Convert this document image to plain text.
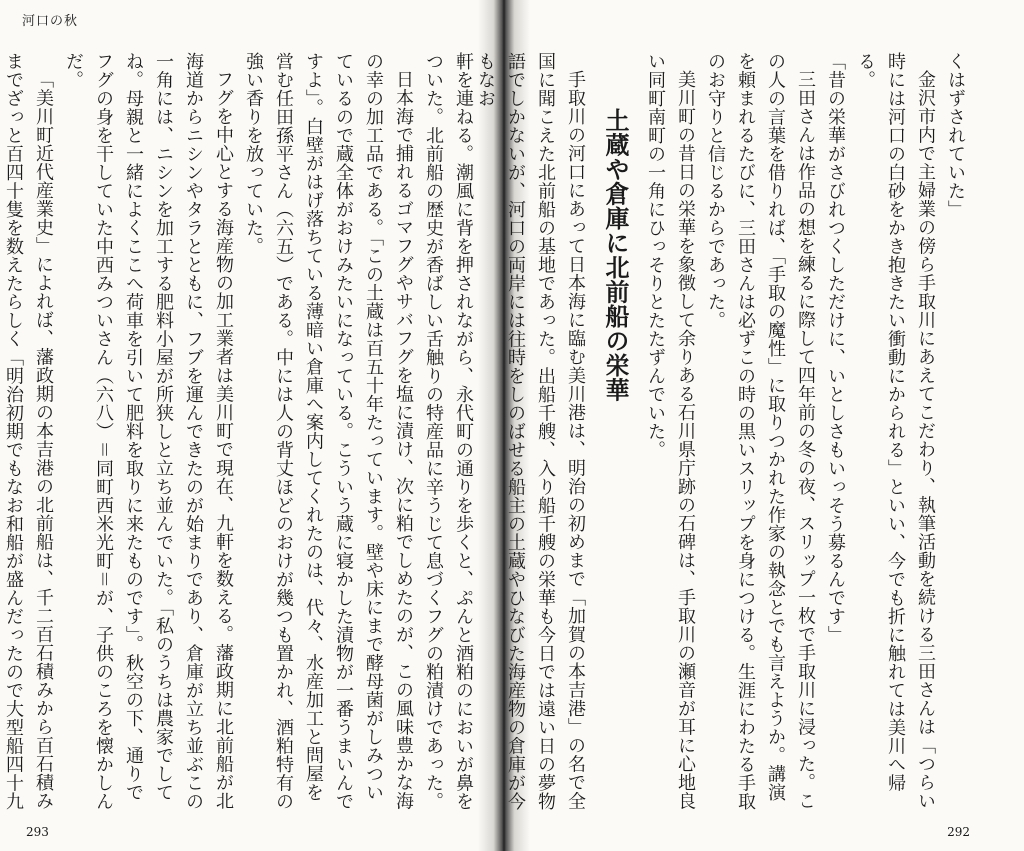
河口の秋

くはずされていた」

金沢市内で主婦業の傍ら手取川にあえてこだわり、執筆活動を続ける三田さんは「つらい時には河口の白砂をかき抱きたい衝動にかられる」といい、今でも折に触れては美川へ帰る。

「昔の栄華がさびれつくしただけに、いとしさもいっそう募るんです」

三田さんは作品の想を練るに際して四年前の冬の夜、スリップ一枚で手取川に浸った。この人の言葉を借りれば、「手取の魔性」に取りつかれた作家の執念とでも言えようか。講演を頼まれるたびに、三田さんは必ずこの時の黒いスリップを身につける。生涯にわたる手取のお守りと信じるからであった。

美川町の昔日の栄華を象徴して余りある石川県庁跡の石碑は、手取川の瀬音が耳に心地良い同町南町の一角にひっそりとたたずんでいた。

土蔵や倉庫に北前船の栄華

手取川の河口にあって日本海に臨む美川港は、明治の初めまで「加賀の本吉港」の名で全国に聞こえた北前船の基地であった。出船千艘、入り船千艘の栄華も今日では遠い日の夢物語でしかないが、河口の両岸には往時をしのばせる船主の土蔵やひなびた海産物の倉庫が今もなお

軒を連ねる。潮風に背を押されながら、永代町の通りを歩くと、ぷんと酒粕のにおいが鼻をついた。北前船の歴史が香ばしい舌触りの特産品に辛うじて息づくフグの粕漬けであった。

日本海で捕れるゴマフグやサバフグを塩に漬け、次に粕でしめたのが、この風味豊かな海の幸の加工品である。「この土蔵は百五十年たっています。壁や床にまで酵母菌がしみついているので蔵全体がおけみたいになっている。こういう蔵に寝かした漬物が一番うまいんですよ」。白壁がはげ落ちている薄暗い倉庫へ案内してくれたのは、代々、水産加工と問屋を営む任田孫平さん（六五）である。中には人の背丈ほどのおけが幾つも置かれ、酒粕特有の強い香りを放っていた。

フグを中心とする海産物の加工業者は美川町で現在、九軒を数える。藩政期に北前船が北海道からニシンやタラとともに、フブを運んできたのが始まりであり、倉庫が立ち並ぶこの一角には、ニシンを加工する肥料小屋が所狭しと立ち並んでいた。「私のうちは農家でしてね。母親と一緒によくここへ荷車を引いて肥料を取りに来たものです」。秋空の下、通りでフグの身を干していた中西みついさん（六八）＝同町西米光町＝が、子供のころを懐かしんだ。

「美川町近代産業史」によれば、藩政期の本吉港の北前船は、千二百石積みから百石積みまでざっと百四十隻を数えたらしく「明治初期でもなお和船が盛んだったので大型船四十九

293	292
